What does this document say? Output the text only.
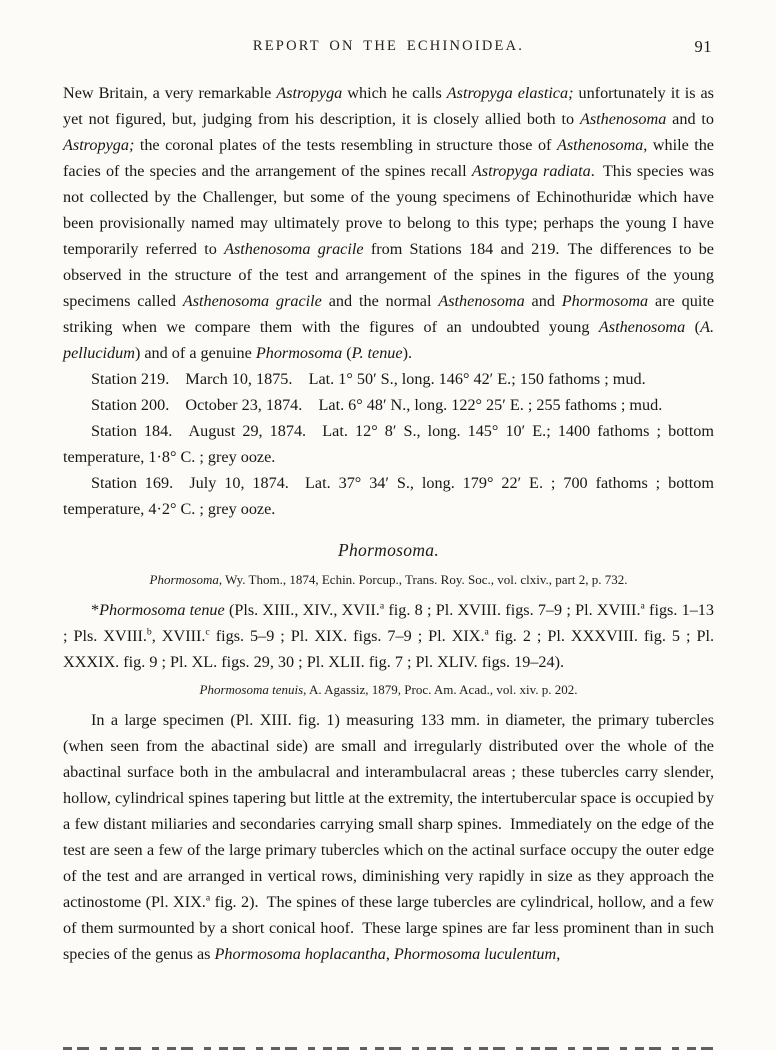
REPORT ON THE ECHINOIDEA.	91

New Britain, a very remarkable Astropyga which he calls Astropyga elastica; unfortunately it is as yet not figured, but, judging from his description, it is closely allied both to Asthenosoma and to Astropyga; the coronal plates of the tests resembling in structure those of Asthenosoma, while the facies of the species and the arrangement of the spines recall Astropyga radiata. This species was not collected by the Challenger, but some of the young specimens of Echinothuridæ which have been provisionally named may ultimately prove to belong to this type; perhaps the young I have temporarily referred to Asthenosoma gracile from Stations 184 and 219. The differences to be observed in the structure of the test and arrangement of the spines in the figures of the young specimens called Asthenosoma gracile and the normal Asthenosoma and Phormosoma are quite striking when we compare them with the figures of an undoubted young Asthenosoma (A. pellucidum) and of a genuine Phormosoma (P. tenue).

Station 219. March 10, 1875. Lat. 1° 50′ S., long. 146° 42′ E.; 150 fathoms ; mud.

Station 200. October 23, 1874. Lat. 6° 48′ N., long. 122° 25′ E. ; 255 fathoms ; mud.

Station 184. August 29, 1874. Lat. 12° 8′ S., long. 145° 10′ E.; 1400 fathoms ; bottom temperature, 1·8° C. ; grey ooze.

Station 169. July 10, 1874. Lat. 37° 34′ S., long. 179° 22′ E. ; 700 fathoms ; bottom temperature, 4·2° C. ; grey ooze.

Phormosoma.

Phormosoma, Wy. Thom., 1874, Echin. Porcup., Trans. Roy. Soc., vol. clxiv., part 2, p. 732.

*Phormosoma tenue (Pls. XIII., XIV., XVII.$^a$ fig. 8 ; Pl. XVIII. figs. 7–9 ; Pl. XVIII.$^a$ figs. 1–13 ; Pls. XVIII.$^b$, XVIII.$^c$ figs. 5–9 ; Pl. XIX. figs. 7–9 ; Pl. XIX.$^a$ fig. 2 ; Pl. XXXVIII. fig. 5 ; Pl. XXXIX. fig. 9 ; Pl. XL. figs. 29, 30 ; Pl. XLII. fig. 7 ; Pl. XLIV. figs. 19–24).

Phormosoma tenuis, A. Agassiz, 1879, Proc. Am. Acad., vol. xiv. p. 202.

In a large specimen (Pl. XIII. fig. 1) measuring 133 mm. in diameter, the primary tubercles (when seen from the abactinal side) are small and irregularly distributed over the whole of the abactinal surface both in the ambulacral and interambulacral areas ; these tubercles carry slender, hollow, cylindrical spines tapering but little at the extremity, the intertubercular space is occupied by a few distant miliaries and secondaries carrying small sharp spines. Immediately on the edge of the test are seen a few of the large primary tubercles which on the actinal surface occupy the outer edge of the test and are arranged in vertical rows, diminishing very rapidly in size as they approach the actinostome (Pl. XIX.$^a$ fig. 2). The spines of these large tubercles are cylindrical, hollow, and a few of them surmounted by a short conical hoof. These large spines are far less prominent than in such species of the genus as Phormosoma hoplacantha, Phormosoma luculentum,
